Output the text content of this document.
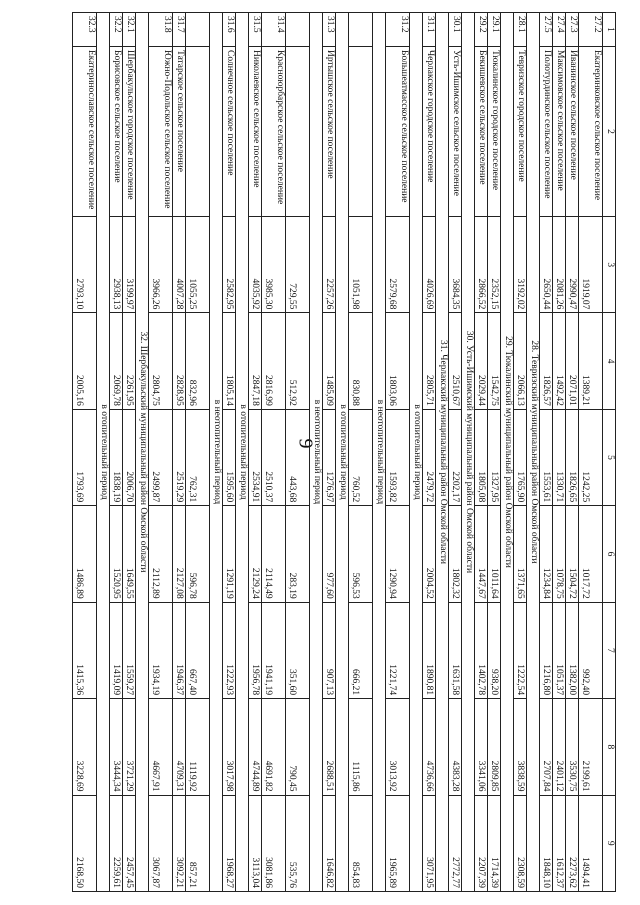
9
1	2	3	4	5	6	7	8	9
27.2	Екатеринковское сельское поселение	1919,07	1389,21	1242,25	1017,72	992,40	2199,61	1494,41
27.3	Иванинское сельское поселение	2990,47	2071,01	1826,65	1504,72	1382,00	3530,75	2273,62
27.4	Максимовское сельское поселение	2081,26	1492,42	1330,71	1078,75	1051,37	2401,12	1612,37
27.5	Полотурдинское сельское поселение	2650,44	1826,57	1553,61	1234,84	1216,80	2707,84	1848,10
28. Тевризский муниципальный район Омской области								
28.1	Тевризское городское поселение	3192,02	2066,13	1765,90	1371,65	1222,54	3838,59	2308,59
29. Тюкалинский муниципальный район Омской области								
29.1	Тюкалинское городское поселение	2352,15	1542,75	1327,95	1011,64	938,20	2809,85	1714,39
29.2	Бекишевское сельское поселение	2866,52	2029,44	1805,08	1447,67	1402,78	3341,06	2207,39
30. Усть-Ишимский муниципальный район Омской области								
30.1	Усть-Ишимское сельское поселение	3684,35	2510,67	2202,17	1802,32	1631,58	4383,28	2772,77
31. Черлакский муниципальный район Омской области								
31.1	Черлакское городское поселение	4026,69	2805,71	2479,72	2004,52	1890,81	4736,66	3071,95
в отопительный период								
31.2	Большеатмасское сельское поселение	2579,68	1803,06	1593,82	1290,94	1221,74	3013,92	1965,89
в неотопительный период								
		1051,98	830,88	760,52	596,53	666,21	1115,86	854,83
в отопительный период								
31.3	Иртышское сельское поселение	2257,26	1485,09	1276,97	977,60	907,13	2688,51	1646,82
в неотопительный период								
		729,55	512,92	443,68	283,19	351,60	790,45	535,76
31.4	Красноюрбарское сельское поселение	3985,30	2816,99	2510,37	2114,49	1941,19	4691,82	3081,86
31.5	Николаевское сельское поселение	4035,92	2847,18	2534,91	2129,24	1956,78	4744,89	3113,04
в отопительный период								
31.6	Солнечное сельское поселение	2582,95	1805,14	1595,60	1291,19	1222,93	3017,98	1968,27
в неотопительный период								
		1055,25	832,96	762,31	596,78	667,40	1119,92	857,21
31.7	Татарское сельское поселение	4007,28	2828,95	2519,29	2127,08	1946,37	4709,31	3092,21
31.8	Южно-Подольское сельское поселение	3966,26	2804,75	2499,87	2112,89	1934,19	4667,91	3067,87
32. Шербакульский муниципальный район Омской области								
32.1	Шербакульское городское поселение	3199,97	2261,95	2006,70	1649,55	1559,27	3721,29	2457,45
32.2	Борисовское сельское поселение	2938,13	2069,78	1838,19	1520,95	1419,09	3444,34	2259,61
в отопительный период								
32.3	Екатеринославское сельское поселение	2793,10	2005,16	1793,69	1486,89	1415,36	3228,69	2168,50
